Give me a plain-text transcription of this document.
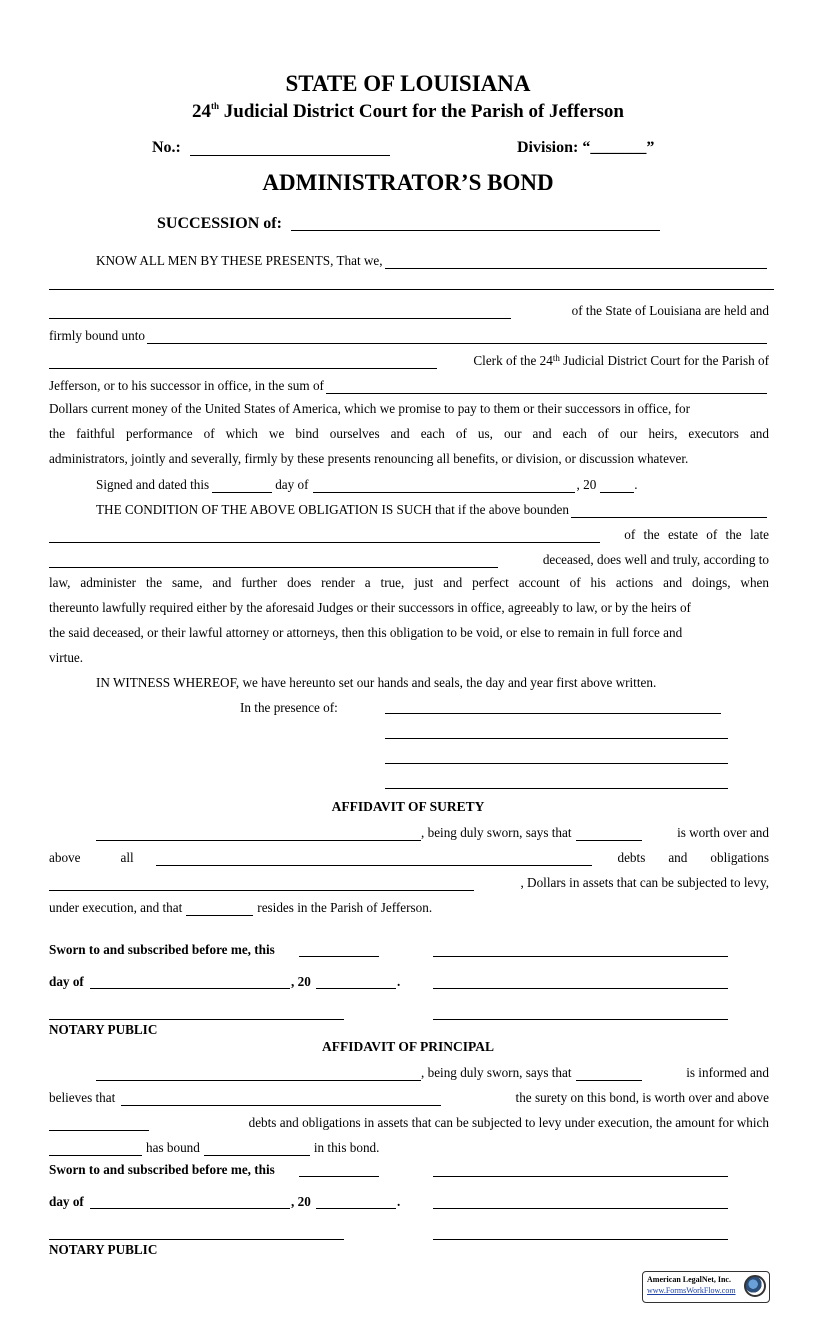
STATE OF LOUISIANA
24th Judicial District Court for the Parish of Jefferson
No.:	Division: “_______”
ADMINISTRATOR’S BOND
SUCCESSION of:
KNOW ALL MEN BY THESE PRESENTS, That we,
of the State of Louisiana are held and
firmly bound unto
Clerk of the 24th Judicial District Court for the Parish of
Jefferson, or to his successor in office, in the sum of
Dollars current money of the United States of America, which we promise to pay to them or their successors in office, for
the faithful performance of which we bind ourselves and each of us, our and each of our heirs, executors and
administrators, jointly and severally, firmly by these presents renouncing all benefits, or division, or discussion whatever.
Signed and dated this	day of	, 20	.
THE CONDITION OF THE ABOVE OBLIGATION IS SUCH that if the above bounden
of the estate of the late
deceased, does well and truly, according to
law, administer the same, and further does render a true, just and perfect account of his actions and doings, when
thereunto lawfully required either by the aforesaid Judges or their successors in office, agreeably to law, or by the heirs of
the said deceased, or their lawful attorney or attorneys, then this obligation to be void, or else to remain in full force and
virtue.
IN WITNESS WHEREOF, we have hereunto set our hands and seals, the day and year first above written.
In the presence of:
AFFIDAVIT OF SURETY
, being duly sworn, says that	is worth over and
above	all	debts and obligations
, Dollars in assets that can be subjected to levy,
under execution, and that	resides in the Parish of Jefferson.
Sworn to and subscribed before me, this
day of	, 20	.
NOTARY PUBLIC
AFFIDAVIT OF PRINCIPAL
, being duly sworn, says that	is informed and
believes that	the surety on this bond, is worth over and above
debts and obligations in assets that can be subjected to levy under execution, the amount for which
has bound	in this bond.
Sworn to and subscribed before me, this
day of	, 20	.
NOTARY PUBLIC
American LegalNet, Inc.
www.FormsWorkFlow.com
